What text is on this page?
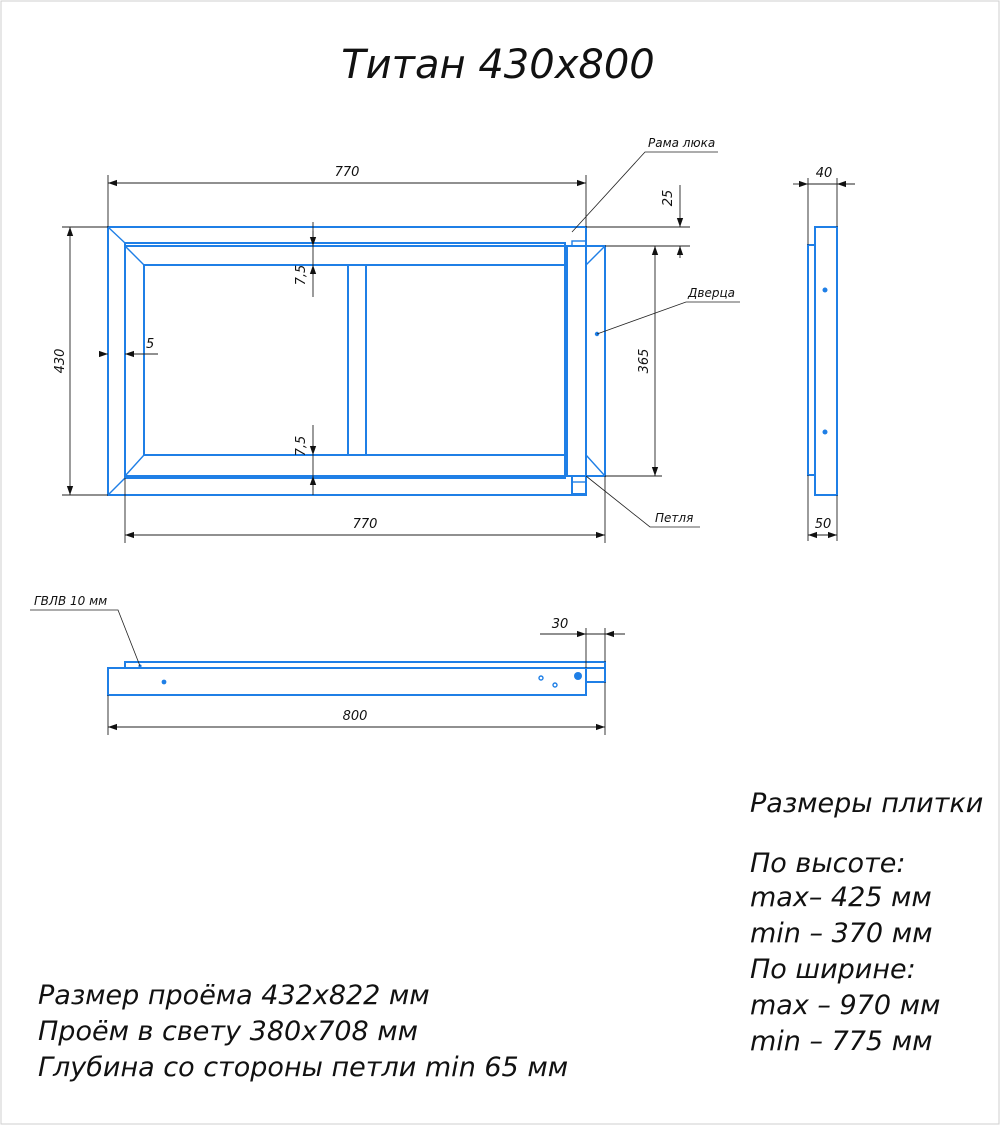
Титан 430х800
770
770
430
5
7,5
7,5
25
365
Рама люка
Дверца
Петля
40
50
ГВЛВ 10 мм
30
800
Размеры плитки
По высоте:
max– 425 мм
min – 370 мм
По ширине:
max – 970 мм
min – 775 мм
Размер проёма 432х822 мм
Проём в свету 380х708 мм
Глубина со стороны петли min 65 мм
